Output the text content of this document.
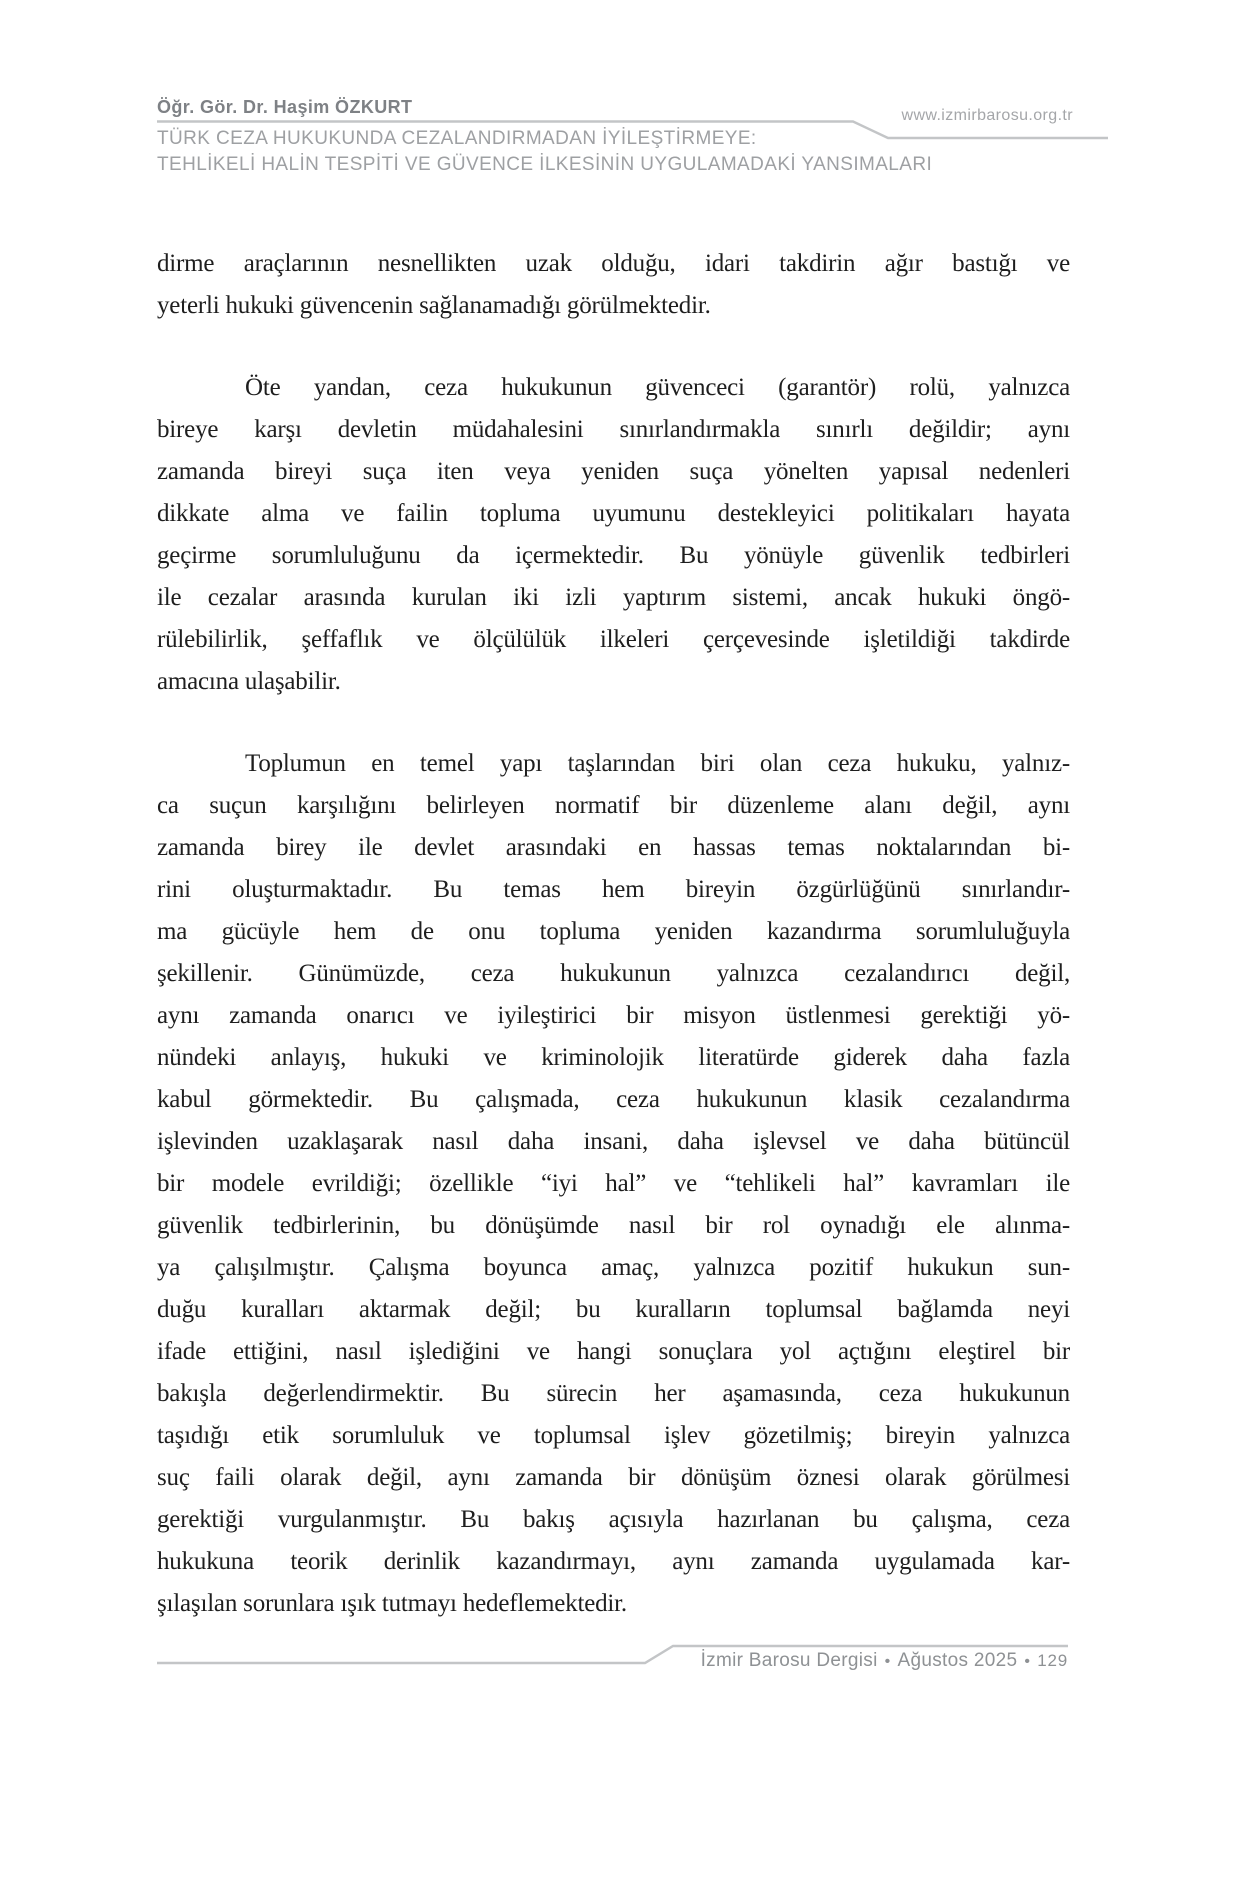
Öğr. Gör. Dr. Haşim ÖZKURT	www.izmirbarosu.org.tr
TÜRK CEZA HUKUKUNDA CEZALANDIRMADAN İYİLEŞTİRMEYE:
TEHLİKELİ HALİN TESPİTİ VE GÜVENCE İLKESİNİN UYGULAMADAKİ YANSIMALARI
dirme araçlarının nesnellikten uzak olduğu, idari takdirin ağır bastığı ve
yeterli hukuki güvencenin sağlanamadığı görülmektedir.
Öte yandan, ceza hukukunun güvenceci (garantör) rolü, yalnızca
bireye karşı devletin müdahalesini sınırlandırmakla sınırlı değildir; aynı
zamanda bireyi suça iten veya yeniden suça yönelten yapısal nedenleri
dikkate alma ve failin topluma uyumunu destekleyici politikaları hayata
geçirme sorumluluğunu da içermektedir. Bu yönüyle güvenlik tedbirleri
ile cezalar arasında kurulan iki izli yaptırım sistemi, ancak hukuki öngö-
rülebilirlik, şeffaflık ve ölçülülük ilkeleri çerçevesinde işletildiği takdirde
amacına ulaşabilir.
Toplumun en temel yapı taşlarından biri olan ceza hukuku, yalnız-
ca suçun karşılığını belirleyen normatif bir düzenleme alanı değil, aynı
zamanda birey ile devlet arasındaki en hassas temas noktalarından bi-
rini oluşturmaktadır. Bu temas hem bireyin özgürlüğünü sınırlandır-
ma gücüyle hem de onu topluma yeniden kazandırma sorumluluğuyla
şekillenir. Günümüzde, ceza hukukunun yalnızca cezalandırıcı değil,
aynı zamanda onarıcı ve iyileştirici bir misyon üstlenmesi gerektiği yö-
nündeki anlayış, hukuki ve kriminolojik literatürde giderek daha fazla
kabul görmektedir. Bu çalışmada, ceza hukukunun klasik cezalandırma
işlevinden uzaklaşarak nasıl daha insani, daha işlevsel ve daha bütüncül
bir modele evrildiği; özellikle “iyi hal” ve “tehlikeli hal” kavramları ile
güvenlik tedbirlerinin, bu dönüşümde nasıl bir rol oynadığı ele alınma-
ya çalışılmıştır. Çalışma boyunca amaç, yalnızca pozitif hukukun sun-
duğu kuralları aktarmak değil; bu kuralların toplumsal bağlamda neyi
ifade ettiğini, nasıl işlediğini ve hangi sonuçlara yol açtığını eleştirel bir
bakışla değerlendirmektir. Bu sürecin her aşamasında, ceza hukukunun
taşıdığı etik sorumluluk ve toplumsal işlev gözetilmiş; bireyin yalnızca
suç faili olarak değil, aynı zamanda bir dönüşüm öznesi olarak görülmesi
gerektiği vurgulanmıştır. Bu bakış açısıyla hazırlanan bu çalışma, ceza
hukukuna teorik derinlik kazandırmayı, aynı zamanda uygulamada kar-
şılaşılan sorunlara ışık tutmayı hedeflemektedir.
İzmir Barosu Dergisi • Ağustos 2025 • 129
